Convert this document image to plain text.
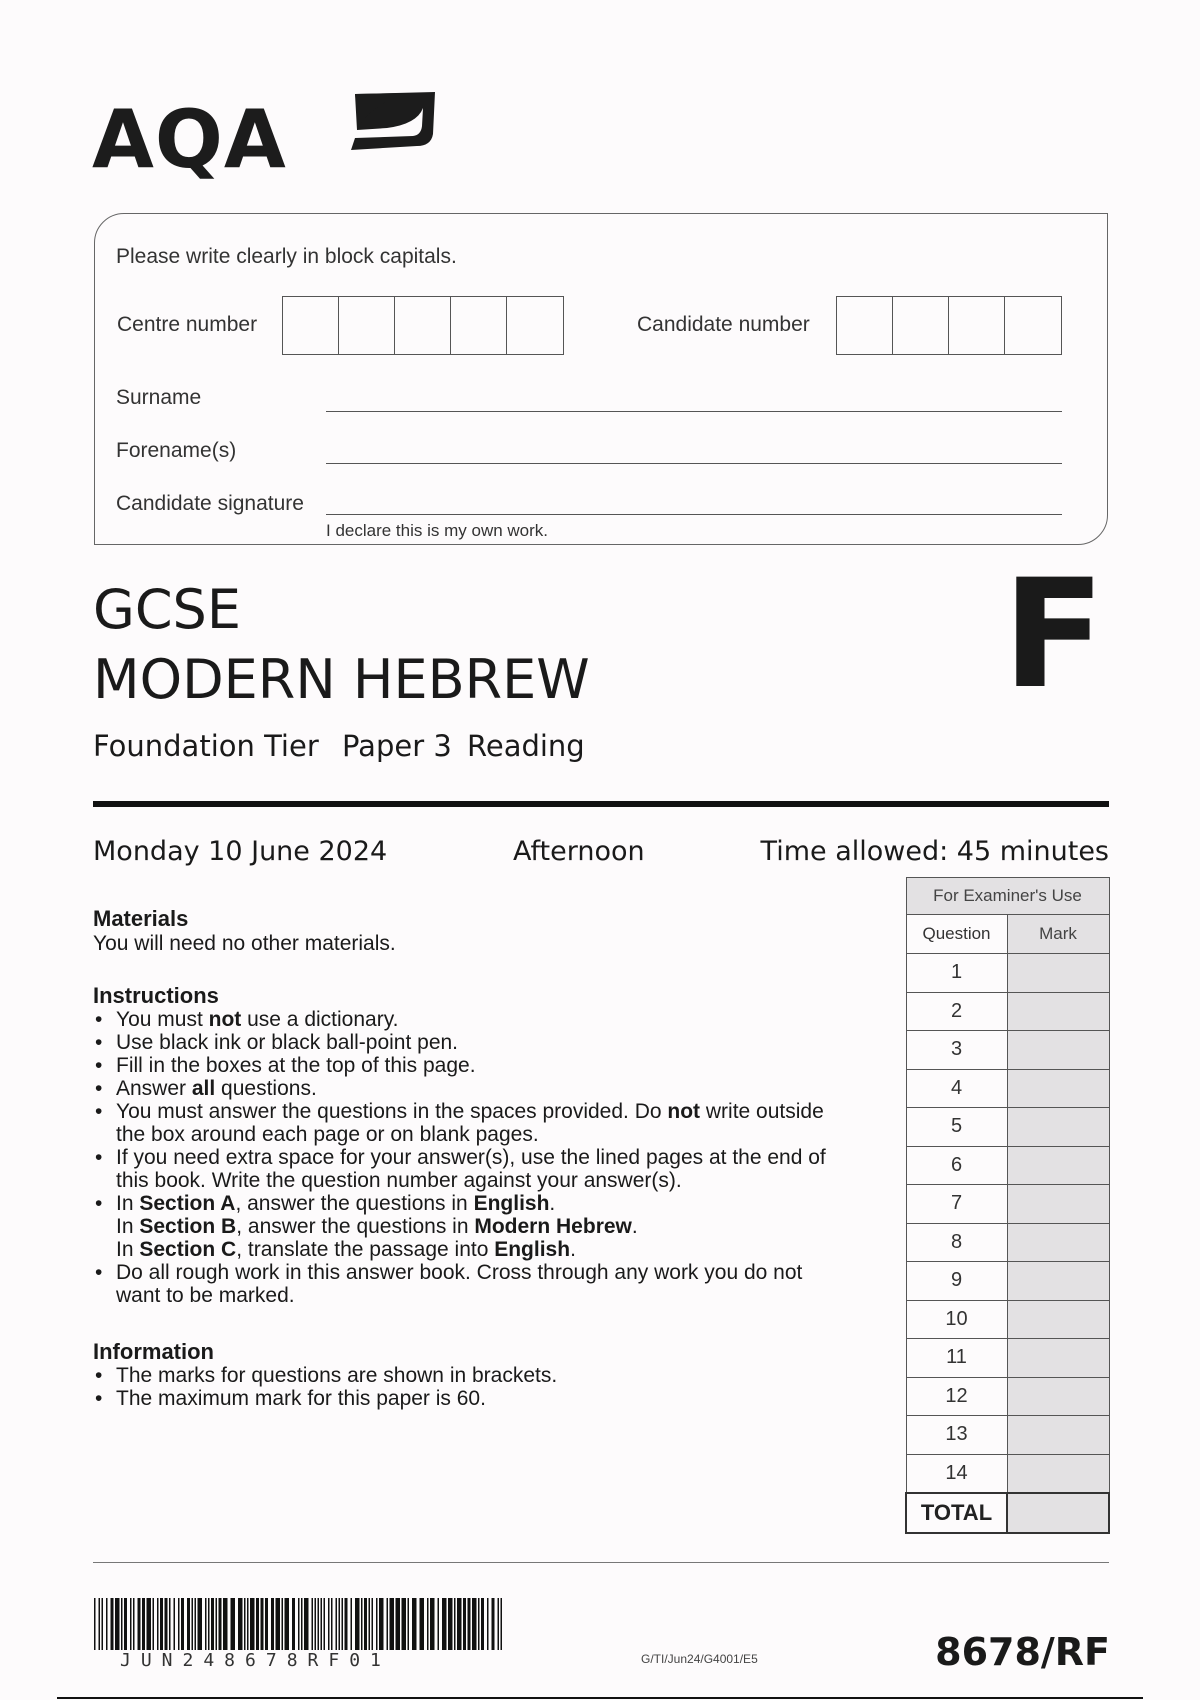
AQA
Please write clearly in block capitals.
Centre number	Candidate number
Surname
Forename(s)
Candidate signature
I declare this is my own work.
GCSE
MODERN HEBREW
Foundation Tier Paper 3 Reading
F
Monday 10 June 2024	Afternoon	Time allowed: 45 minutes
Materials
You will need no other materials.
Instructions
• You must not use a dictionary.
• Use black ink or black ball-point pen.
• Fill in the boxes at the top of this page.
• Answer all questions.
• You must answer the questions in the spaces provided. Do not write outside
the box around each page or on blank pages.
• If you need extra space for your answer(s), use the lined pages at the end of
this book. Write the question number against your answer(s).
• In Section A, answer the questions in English.
In Section B, answer the questions in Modern Hebrew.
In Section C, translate the passage into English.
• Do all rough work in this answer book. Cross through any work you do not
want to be marked.
Information
• The marks for questions are shown in brackets.
• The maximum mark for this paper is 60.
For Examiner's Use	
Question	Mark
1	
2	
3	
4	
5	
6	
7	
8	
9	
10	
11	
12	
13	
14	
TOTAL	
JUN248678RF01	G/TI/Jun24/G4001/E5	8678/RF
